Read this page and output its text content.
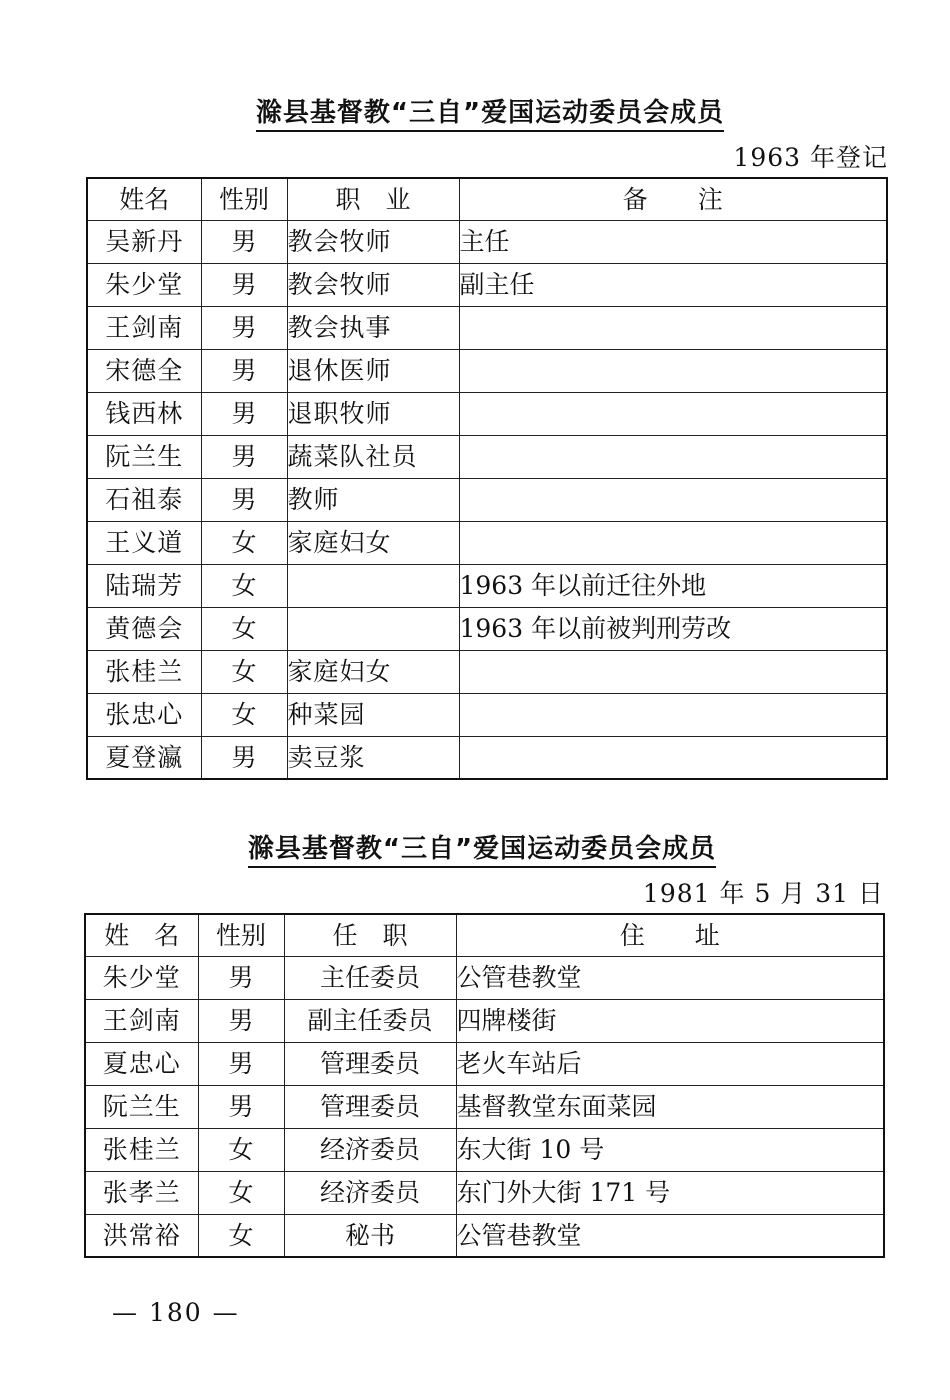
滁县基督教“三自”爱国运动委员会成员
1963 年登记
姓名	性别	职　业	备　　注
吴新丹	男	教会牧师	主任
朱少堂	男	教会牧师	副主任
王剑南	男	教会执事	
宋德全	男	退休医师	
钱西林	男	退职牧师	
阮兰生	男	蔬菜队社员	
石祖泰	男	教师	
王义道	女	家庭妇女	
陆瑞芳	女		1963 年以前迁往外地
黄德会	女		1963 年以前被判刑劳改
张桂兰	女	家庭妇女	
张忠心	女	种菜园	
夏登瀛	男	卖豆浆	
滁县基督教“三自”爱国运动委员会成员
1981 年 5 月 31 日
姓　名	性别	任　职	住　　址
朱少堂	男	主任委员	公管巷教堂
王剑南	男	副主任委员	四牌楼街
夏忠心	男	管理委员	老火车站后
阮兰生	男	管理委员	基督教堂东面菜园
张桂兰	女	经济委员	东大街 10 号
张孝兰	女	经济委员	东门外大街 171 号
洪常裕	女	秘书	公管巷教堂
— 180 —
